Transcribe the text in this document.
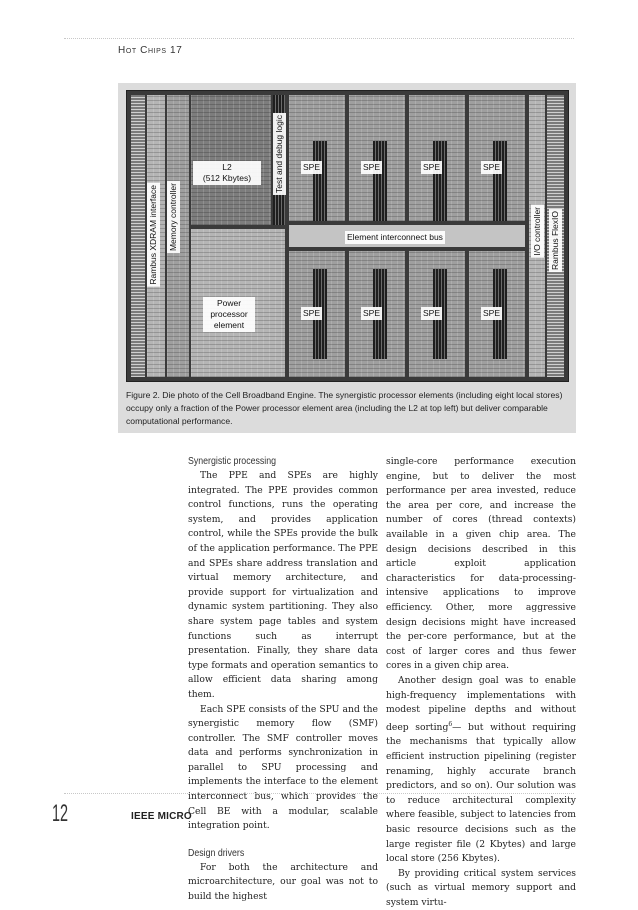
Hot Chips 17
L2
(512 Kbytes)	Test and debug logic SPE	SPE	SPE	SPE
Element interconnect bus
Power
processor
element
SPE	SPE	SPE	SPE
Memory controller
Rambus XDRAM interface	I/O controller Rambus FlexIO
Figure 2. Die photo of the Cell Broadband Engine. The synergistic processor elements (including eight local stores) occupy only a fraction of the Power processor element area (including the L2 at top left) but deliver comparable computational performance.
Synergistic processing

The PPE and SPEs are highly integrated. The PPE provides common control functions, runs the operating system, and provides application control, while the SPEs provide the bulk of the application performance. The PPE and SPEs share address translation and virtual memory architecture, and provide support for virtualization and dynamic system partitioning. They also share system page tables and system functions such as interrupt presentation. Finally, they share data type formats and operation semantics to allow efficient data sharing among them.

Each SPE consists of the SPU and the synergistic memory flow (SMF) controller. The SMF controller moves data and performs synchronization in parallel to SPU processing and implements the interface to the element interconnect bus, which provides the Cell BE with a modular, scalable integration point.

Design drivers

For both the architecture and microarchitecture, our goal was not to build the highest

single-core performance execution engine, but to deliver the most performance per area invested, reduce the area per core, and increase the number of cores (thread contexts) available in a given chip area. The design decisions described in this article exploit application characteristics for data-processing-intensive applications to improve efficiency. Other, more aggressive design decisions might have increased the per-core performance, but at the cost of larger cores and thus fewer cores in a given chip area.

Another design goal was to enable high-frequency implementations with modest pipeline depths and without deep sorting$^6$— but without requiring the mechanisms that typically allow efficient instruction pipelining (register renaming, highly accurate branch predictors, and so on). Our solution was to reduce architectural complexity where feasible, subject to latencies from basic resource decisions such as the large register file (2 Kbytes) and large local store (256 Kbytes).

By providing critical system services (such as virtual memory support and system virtu-

12	IEEE MICRO
